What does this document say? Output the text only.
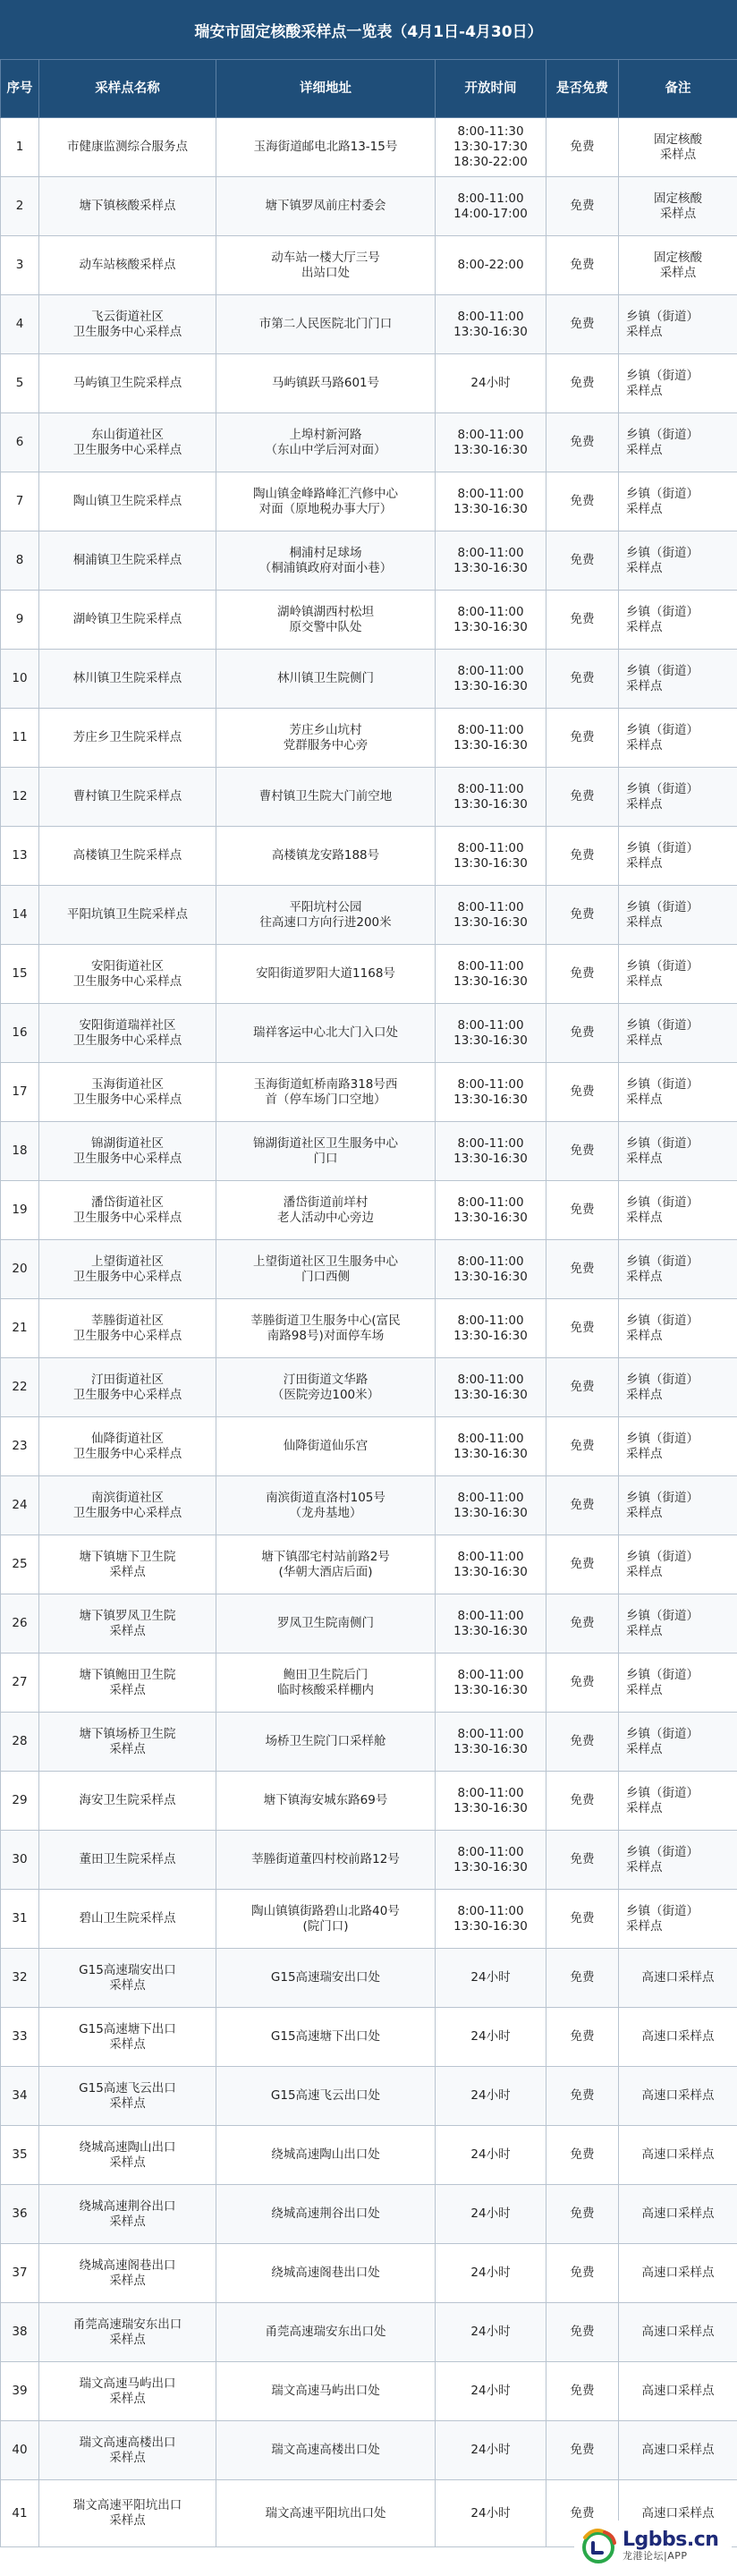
瑞安市固定核酸采样点一览表（4月1日-4月30日）
序号	采样点名称	详细地址	开放时间	是否免费	备注
1	市健康监测综合服务点	玉海街道邮电北路13-15号	8:00-11:30
13:30-17:30
18:30-22:00	免费	固定核酸
采样点
2	塘下镇核酸采样点	塘下镇罗凤前庄村委会	8:00-11:00
14:00-17:00	免费	固定核酸
采样点
3	动车站核酸采样点	动车站一楼大厅三号
出站口处	8:00-22:00	免费	固定核酸
采样点
4	飞云街道社区
卫生服务中心采样点	市第二人民医院北门门口	8:00-11:00
13:30-16:30	免费	乡镇（街道）
采样点
5	马屿镇卫生院采样点	马屿镇跃马路601号	24小时	免费	乡镇（街道）
采样点
6	东山街道社区
卫生服务中心采样点	上埠村新河路
（东山中学后河对面）	8:00-11:00
13:30-16:30	免费	乡镇（街道）
采样点
7	陶山镇卫生院采样点	陶山镇金峰路峰汇汽修中心
对面（原地税办事大厅）	8:00-11:00
13:30-16:30	免费	乡镇（街道）
采样点
8	桐浦镇卫生院采样点	桐浦村足球场
（桐浦镇政府对面小巷）	8:00-11:00
13:30-16:30	免费	乡镇（街道）
采样点
9	湖岭镇卫生院采样点	湖岭镇湖西村松坦
原交警中队处	8:00-11:00
13:30-16:30	免费	乡镇（街道）
采样点
10	林川镇卫生院采样点	林川镇卫生院侧门	8:00-11:00
13:30-16:30	免费	乡镇（街道）
采样点
11	芳庄乡卫生院采样点	芳庄乡山坑村
党群服务中心旁	8:00-11:00
13:30-16:30	免费	乡镇（街道）
采样点
12	曹村镇卫生院采样点	曹村镇卫生院大门前空地	8:00-11:00
13:30-16:30	免费	乡镇（街道）
采样点
13	高楼镇卫生院采样点	高楼镇龙安路188号	8:00-11:00
13:30-16:30	免费	乡镇（街道）
采样点
14	平阳坑镇卫生院采样点	平阳坑村公园
往高速口方向行进200米	8:00-11:00
13:30-16:30	免费	乡镇（街道）
采样点
15	安阳街道社区
卫生服务中心采样点	安阳街道罗阳大道1168号	8:00-11:00
13:30-16:30	免费	乡镇（街道）
采样点
16	安阳街道瑞祥社区
卫生服务中心采样点	瑞祥客运中心北大门入口处	8:00-11:00
13:30-16:30	免费	乡镇（街道）
采样点
17	玉海街道社区
卫生服务中心采样点	玉海街道虹桥南路318号西
首（停车场门口空地）	8:00-11:00
13:30-16:30	免费	乡镇（街道）
采样点
18	锦湖街道社区
卫生服务中心采样点	锦湖街道社区卫生服务中心
门口	8:00-11:00
13:30-16:30	免费	乡镇（街道）
采样点
19	潘岱街道社区
卫生服务中心采样点	潘岱街道前垟村
老人活动中心旁边	8:00-11:00
13:30-16:30	免费	乡镇（街道）
采样点
20	上望街道社区
卫生服务中心采样点	上望街道社区卫生服务中心
门口西侧	8:00-11:00
13:30-16:30	免费	乡镇（街道）
采样点
21	莘塍街道社区
卫生服务中心采样点	莘塍街道卫生服务中心(富民
南路98号)对面停车场	8:00-11:00
13:30-16:30	免费	乡镇（街道）
采样点
22	汀田街道社区
卫生服务中心采样点	汀田街道文华路
（医院旁边100米）	8:00-11:00
13:30-16:30	免费	乡镇（街道）
采样点
23	仙降街道社区
卫生服务中心采样点	仙降街道仙乐宫	8:00-11:00
13:30-16:30	免费	乡镇（街道）
采样点
24	南滨街道社区
卫生服务中心采样点	南滨街道直洛村105号
（龙舟基地）	8:00-11:00
13:30-16:30	免费	乡镇（街道）
采样点
25	塘下镇塘下卫生院
采样点	塘下镇邵宅村站前路2号
(华朝大酒店后面)	8:00-11:00
13:30-16:30	免费	乡镇（街道）
采样点
26	塘下镇罗凤卫生院
采样点	罗凤卫生院南侧门	8:00-11:00
13:30-16:30	免费	乡镇（街道）
采样点
27	塘下镇鲍田卫生院
采样点	鲍田卫生院后门
临时核酸采样棚内	8:00-11:00
13:30-16:30	免费	乡镇（街道）
采样点
28	塘下镇场桥卫生院
采样点	场桥卫生院门口采样舱	8:00-11:00
13:30-16:30	免费	乡镇（街道）
采样点
29	海安卫生院采样点	塘下镇海安城东路69号	8:00-11:00
13:30-16:30	免费	乡镇（街道）
采样点
30	董田卫生院采样点	莘塍街道董四村校前路12号	8:00-11:00
13:30-16:30	免费	乡镇（街道）
采样点
31	碧山卫生院采样点	陶山镇镇街路碧山北路40号
(院门口)	8:00-11:00
13:30-16:30	免费	乡镇（街道）
采样点
32	G15高速瑞安出口
采样点	G15高速瑞安出口处	24小时	免费	高速口采样点
33	G15高速塘下出口
采样点	G15高速塘下出口处	24小时	免费	高速口采样点
34	G15高速飞云出口
采样点	G15高速飞云出口处	24小时	免费	高速口采样点
35	绕城高速陶山出口
采样点	绕城高速陶山出口处	24小时	免费	高速口采样点
36	绕城高速荆谷出口
采样点	绕城高速荆谷出口处	24小时	免费	高速口采样点
37	绕城高速阁巷出口
采样点	绕城高速阁巷出口处	24小时	免费	高速口采样点
38	甬莞高速瑞安东出口
采样点	甬莞高速瑞安东出口处	24小时	免费	高速口采样点
39	瑞文高速马屿出口
采样点	瑞文高速马屿出口处	24小时	免费	高速口采样点
40	瑞文高速高楼出口
采样点	瑞文高速高楼出口处	24小时	免费	高速口采样点
41	瑞文高速平阳坑出口
采样点	瑞文高速平阳坑出口处	24小时	免费	高速口采样点
Lgbbs.cn
龙港论坛|APP
